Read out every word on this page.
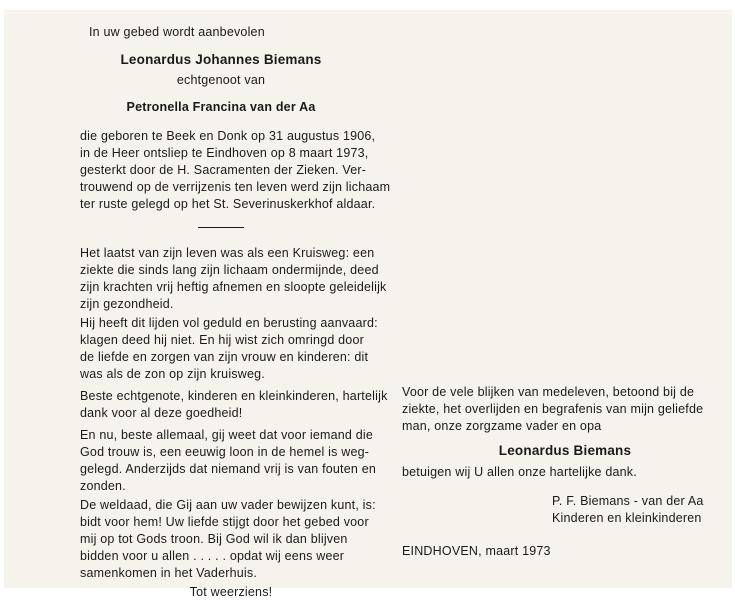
In uw gebed wordt aanbevolen
Leonardus Johannes Biemans
echtgenoot van
Petronella Francina van der Aa
die geboren te Beek en Donk op 31 augustus 1906,
in de Heer ontsliep te Eindhoven op 8 maart 1973,
gesterkt door de H. Sacramenten der Zieken. Ver-
trouwend op de verrijzenis ten leven werd zijn lichaam
ter ruste gelegd op het St. Severinuskerkhof aldaar.
Het laatst van zijn leven was als een Kruisweg: een
ziekte die sinds lang zijn lichaam ondermijnde, deed
zijn krachten vrij heftig afnemen en sloopte geleidelijk
zijn gezondheid.
Hij heeft dit lijden vol geduld en berusting aanvaard:
klagen deed hij niet. En hij wist zich omringd door
de liefde en zorgen van zijn vrouw en kinderen: dit
was als de zon op zijn kruisweg.
Beste echtgenote, kinderen en kleinkinderen, hartelijk
dank voor al deze goedheid!
En nu, beste allemaal, gij weet dat voor iemand die
God trouw is, een eeuwig loon in de hemel is weg-
gelegd. Anderzijds dat niemand vrij is van fouten en
zonden.
De weldaad, die Gij aan uw vader bewijzen kunt, is:
bidt voor hem! Uw liefde stijgt door het gebed voor
mij op tot Gods troon. Bij God wil ik dan blijven
bidden voor u allen . . . . . opdat wij eens weer
samenkomen in het Vaderhuis.
Tot weerziens!
Voor de vele blijken van medeleven, betoond bij de
ziekte, het overlijden en begrafenis van mijn geliefde
man, onze zorgzame vader en opa
Leonardus Biemans
betuigen wij U allen onze hartelijke dank.
P. F. Biemans - van der Aa
Kinderen en kleinkinderen
EINDHOVEN, maart 1973
